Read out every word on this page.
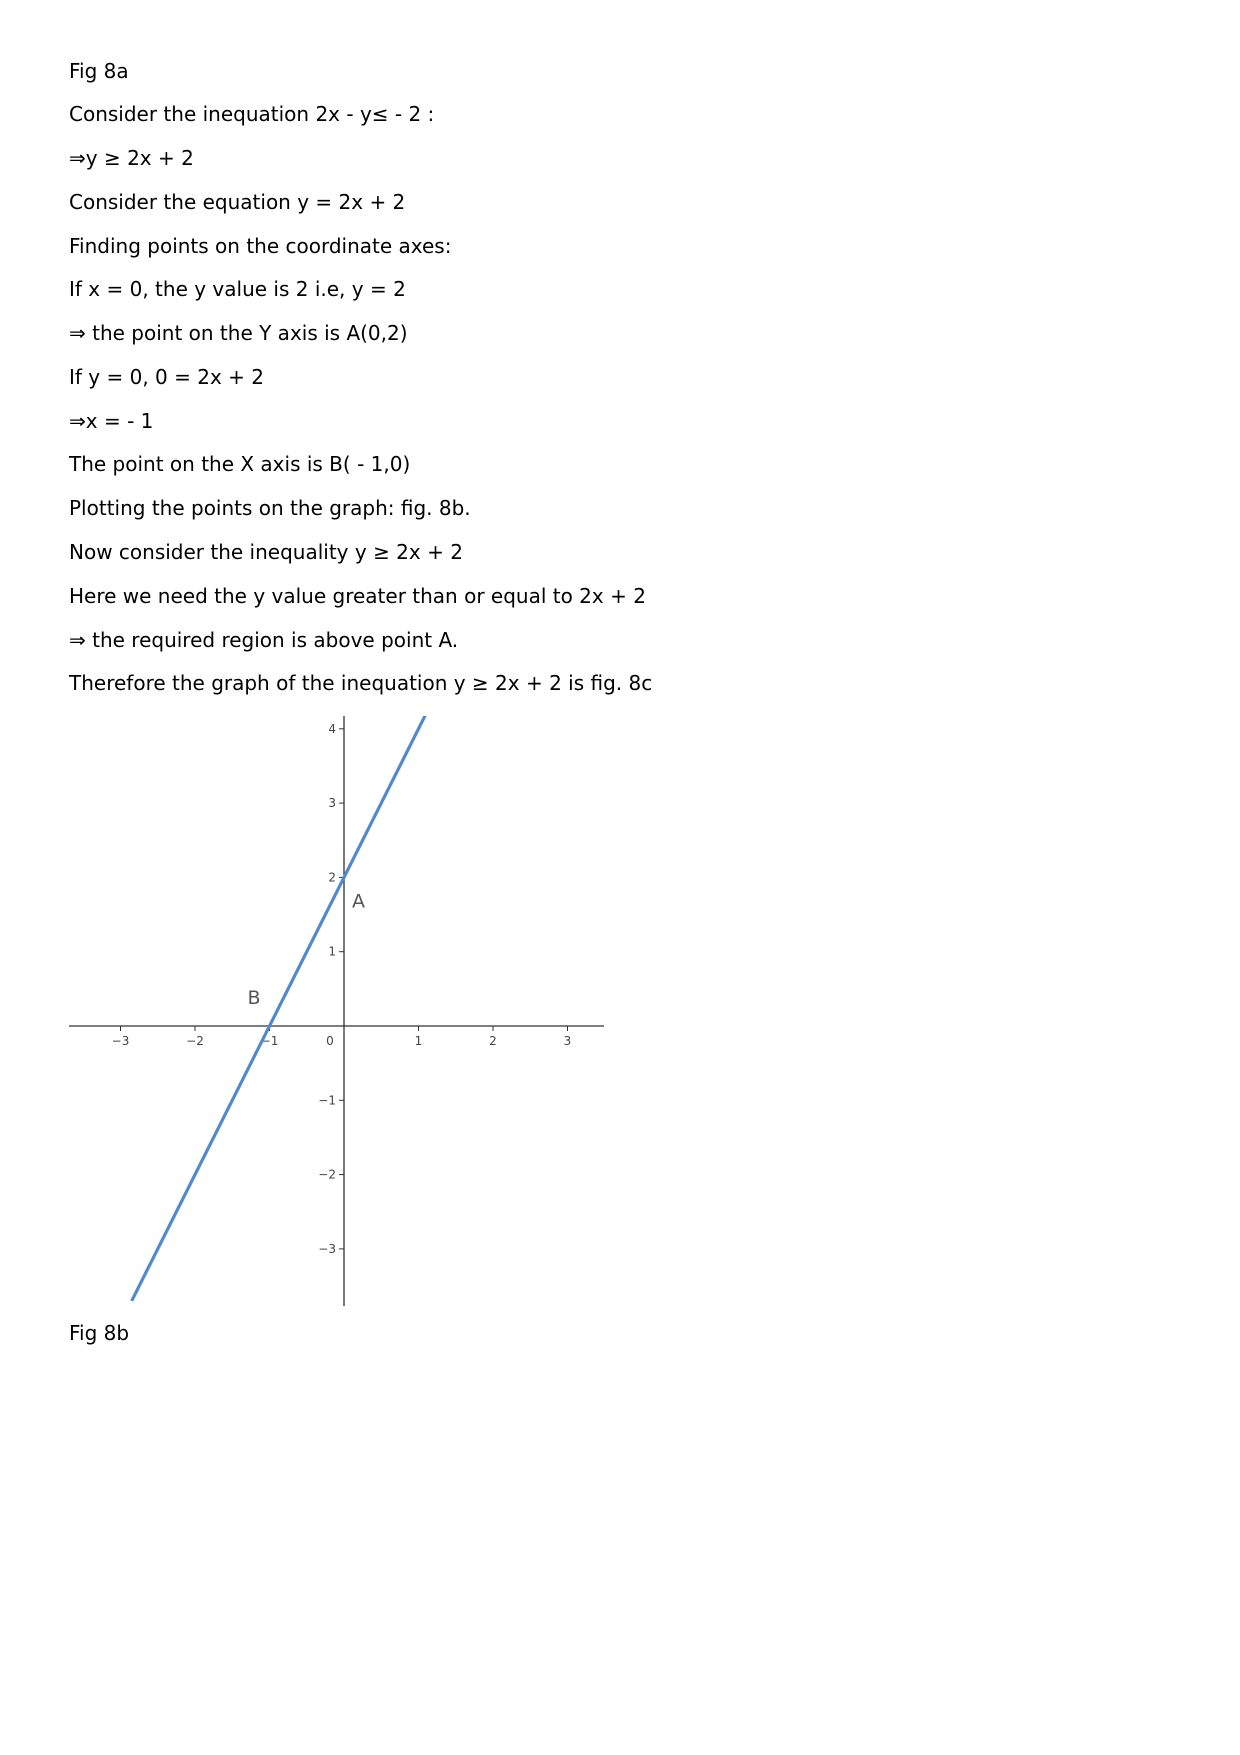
Fig 8a
Consider the inequation 2x - y≤ - 2 :
⇒y ≥ 2x + 2
Consider the equation y = 2x + 2
Finding points on the coordinate axes:
If x = 0, the y value is 2 i.e, y = 2
⇒ the point on the Y axis is A(0,2)
If y = 0, 0 = 2x + 2
⇒x = - 1
The point on the X axis is B( - 1,0)
Plotting the points on the graph: fig. 8b.
Now consider the inequality y ≥ 2x + 2
Here we need the y value greater than or equal to 2x + 2
⇒ the required region is above point A.
Therefore the graph of the inequation y ≥ 2x + 2 is fig. 8c
Fig 8b
−3	−2	−1	0	1	2	3
4
3
2
1
−1
−2
−3
A
B
